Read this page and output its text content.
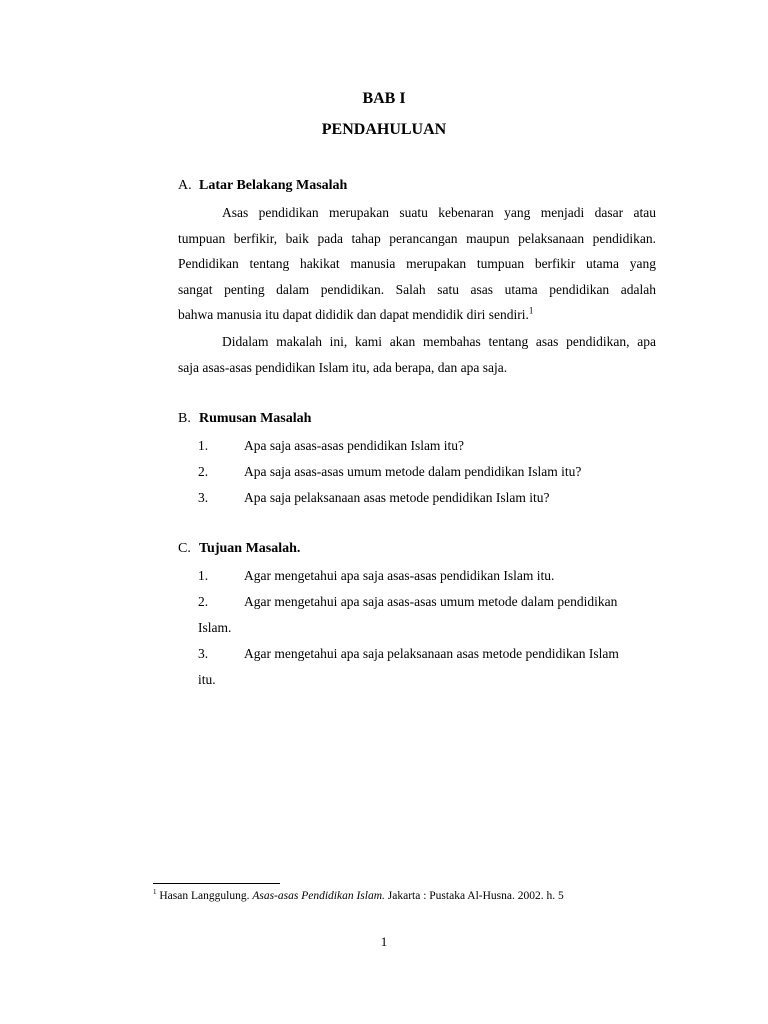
BAB I
PENDAHULUAN
A. Latar Belakang Masalah
Asas pendidikan merupakan suatu kebenaran yang menjadi dasar atau
tumpuan berfikir, baik pada tahap perancangan maupun pelaksanaan pendidikan.
Pendidikan tentang hakikat manusia merupakan tumpuan berfikir utama yang
sangat penting dalam pendidikan. Salah satu asas utama pendidikan adalah
bahwa manusia itu dapat dididik dan dapat mendidik diri sendiri.$^1$
Didalam makalah ini, kami akan membahas tentang asas pendidikan, apa
saja asas-asas pendidikan Islam itu, ada berapa, dan apa saja.
B. Rumusan Masalah
1.	Apa saja asas-asas pendidikan Islam itu?
2.	Apa saja asas-asas umum metode dalam pendidikan Islam itu?
3.	Apa saja pelaksanaan asas metode pendidikan Islam itu?
C. Tujuan Masalah.
1.	Agar mengetahui apa saja asas-asas pendidikan Islam itu.
2.	Agar mengetahui apa saja asas-asas umum metode dalam pendidikan
Islam.
3.	Agar mengetahui apa saja pelaksanaan asas metode pendidikan Islam
itu.
$^1$ Hasan Langgulung. Asas-asas Pendidikan Islam. Jakarta : Pustaka Al-Husna. 2002. h. 5
1
